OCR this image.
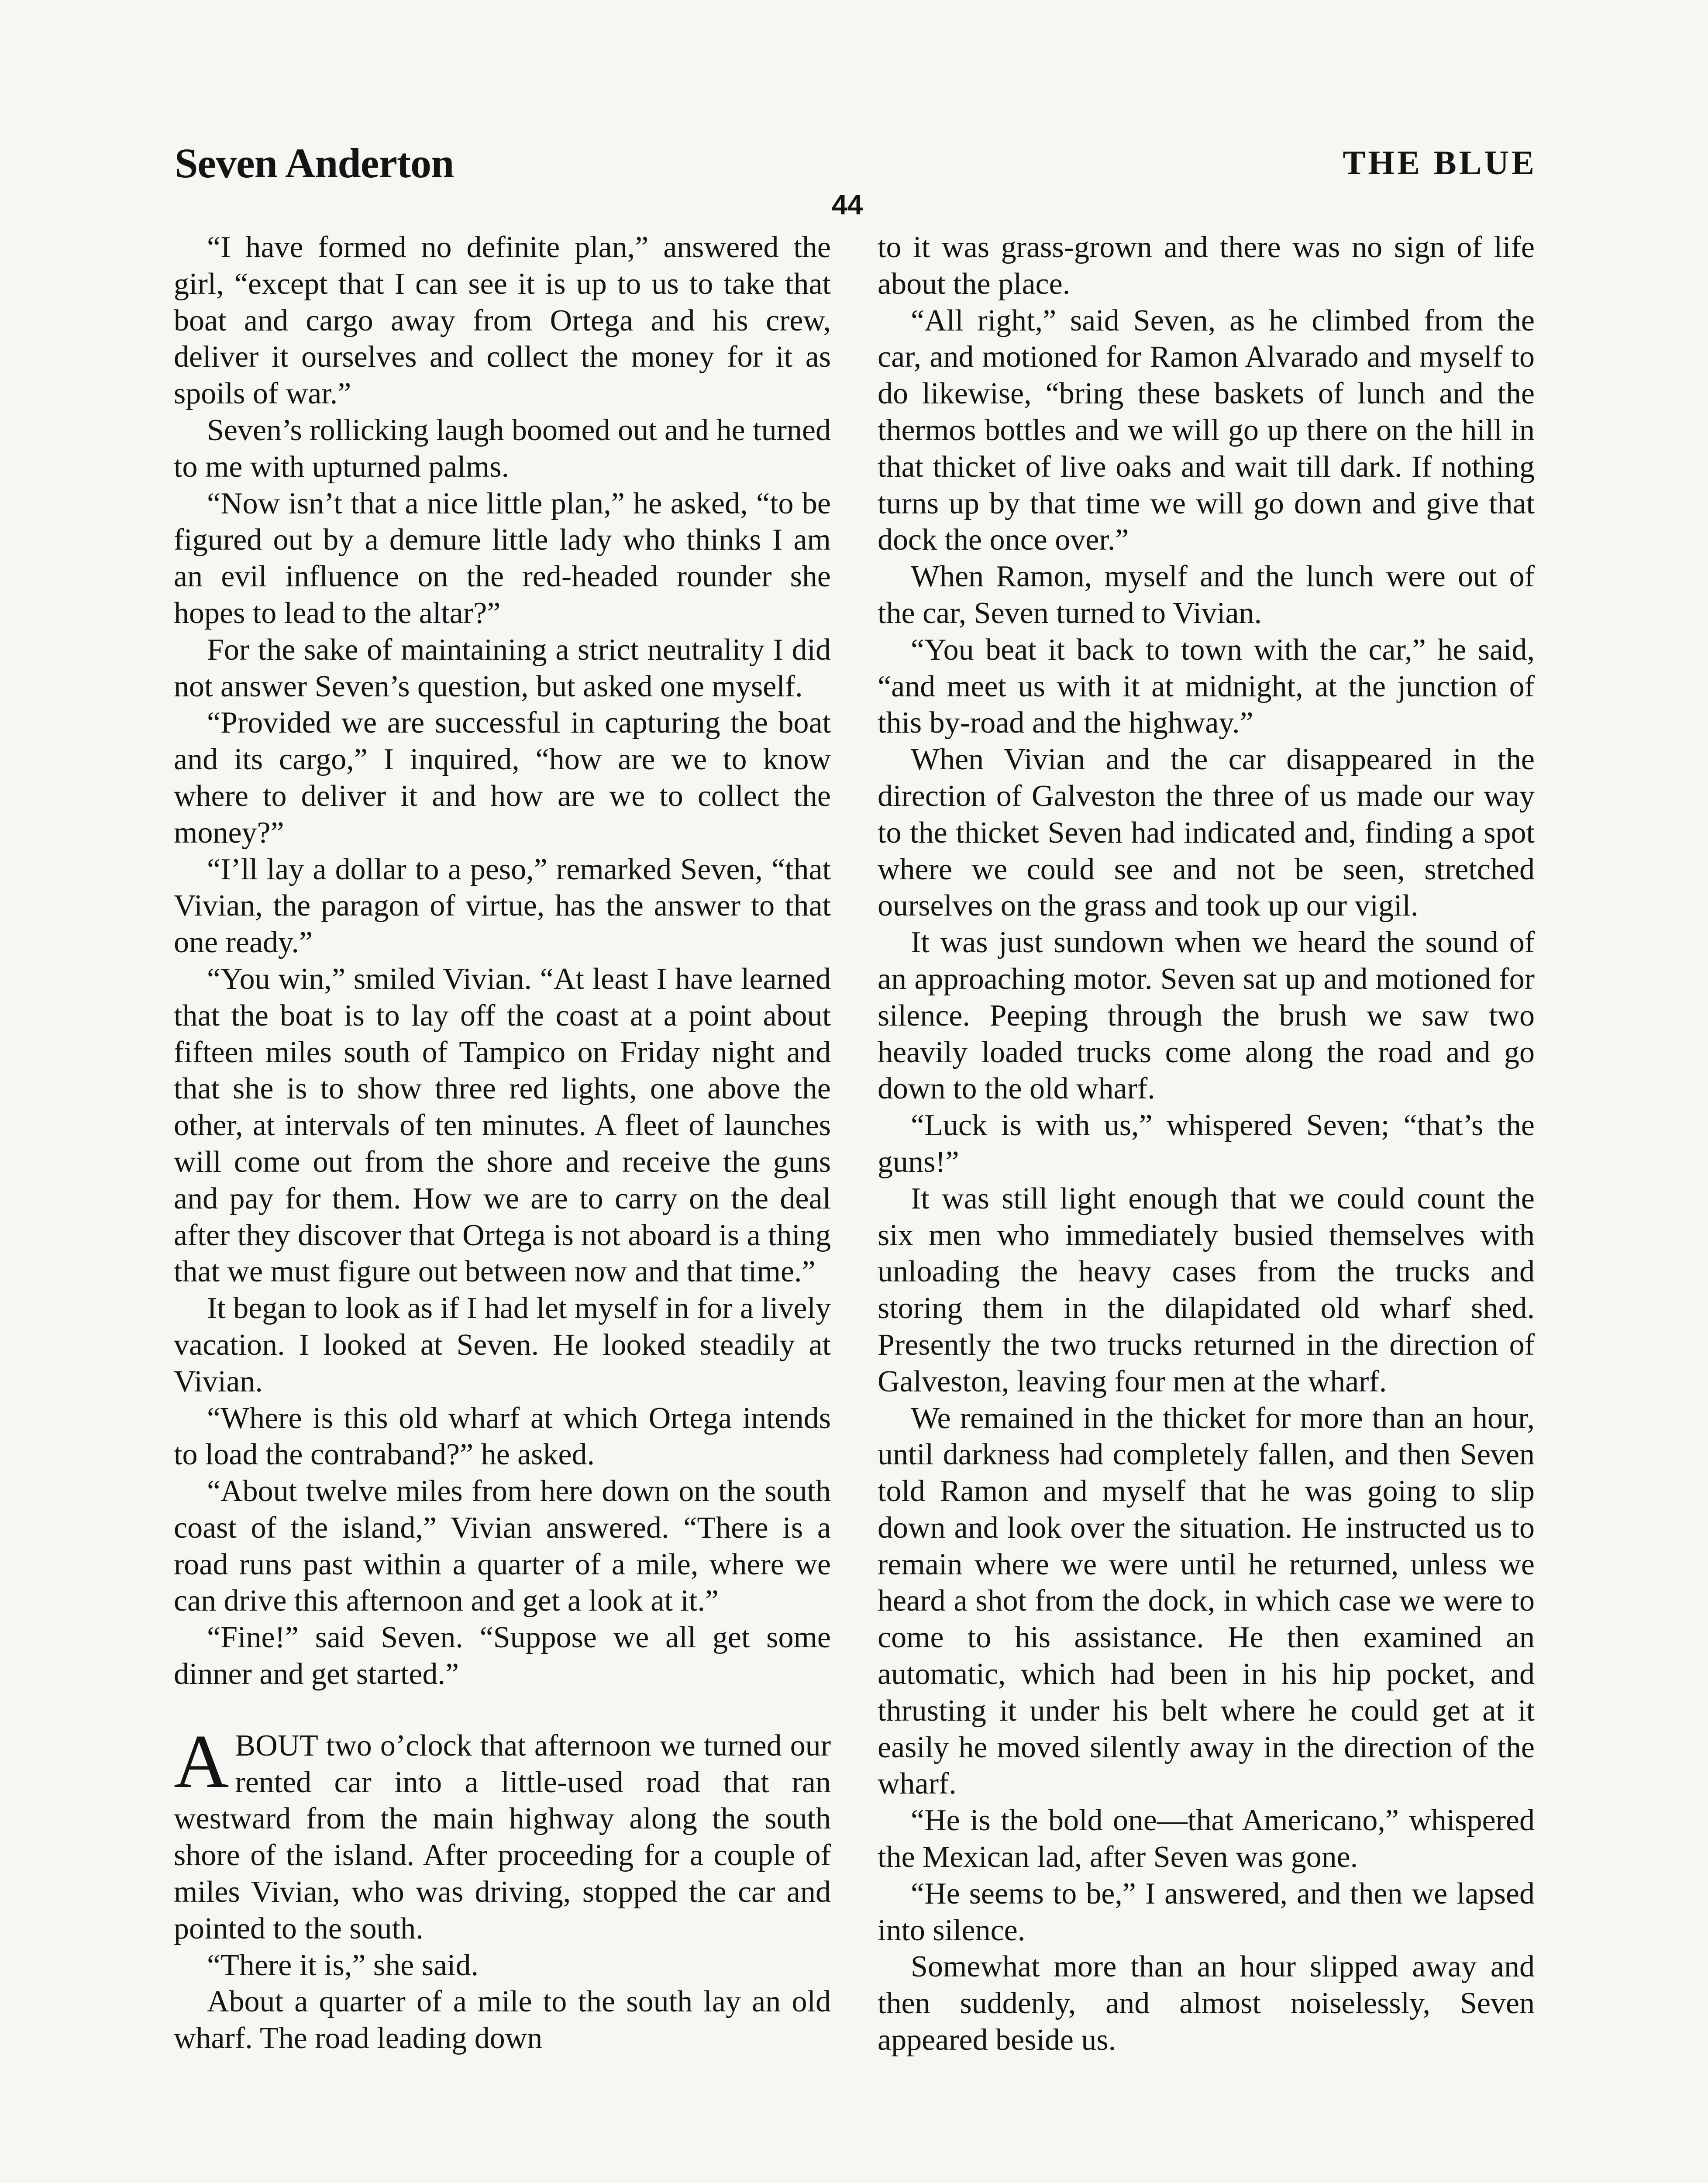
Seven Anderton	THE BLUE
44

“I have formed no definite plan,” answered the girl, “except that I can see it is up to us to take that boat and cargo away from Ortega and his crew, deliver it ourselves and collect the money for it as spoils of war.”

Seven’s rollicking laugh boomed out and he turned to me with upturned palms.

“Now isn’t that a nice little plan,” he asked, “to be figured out by a demure little lady who thinks I am an evil influence on the red-headed rounder she hopes to lead to the altar?”

For the sake of maintaining a strict neutrality I did not answer Seven’s question, but asked one myself.

“Provided we are successful in capturing the boat and its cargo,” I inquired, “how are we to know where to deliver it and how are we to collect the money?”

“I’ll lay a dollar to a peso,” remarked Seven, “that Vivian, the paragon of virtue, has the answer to that one ready.”

“You win,” smiled Vivian. “At least I have learned that the boat is to lay off the coast at a point about fifteen miles south of Tampico on Friday night and that she is to show three red lights, one above the other, at intervals of ten minutes. A fleet of launches will come out from the shore and receive the guns and pay for them. How we are to carry on the deal after they discover that Ortega is not aboard is a thing that we must figure out between now and that time.”

It began to look as if I had let myself in for a lively vacation. I looked at Seven. He looked steadily at Vivian.

“Where is this old wharf at which Ortega intends to load the contraband?” he asked.

“About twelve miles from here down on the south coast of the island,” Vivian answered. “There is a road runs past within a quarter of a mile, where we can drive this afternoon and get a look at it.”

“Fine!” said Seven. “Suppose we all get some dinner and get started.”

ABOUT two o’clock that afternoon we turned our rented car into a little-used road that ran westward from the main highway along the south shore of the island. After proceeding for a couple of miles Vivian, who was driving, stopped the car and pointed to the south.

“There it is,” she said.

About a quarter of a mile to the south lay an old wharf. The road leading down

to it was grass-grown and there was no sign of life about the place.

“All right,” said Seven, as he climbed from the car, and motioned for Ramon Alvarado and myself to do likewise, “bring these baskets of lunch and the thermos bottles and we will go up there on the hill in that thicket of live oaks and wait till dark. If nothing turns up by that time we will go down and give that dock the once over.”

When Ramon, myself and the lunch were out of the car, Seven turned to Vivian.

“You beat it back to town with the car,” he said, “and meet us with it at midnight, at the junction of this by-road and the highway.”

When Vivian and the car disappeared in the direction of Galveston the three of us made our way to the thicket Seven had indicated and, finding a spot where we could see and not be seen, stretched ourselves on the grass and took up our vigil.

It was just sundown when we heard the sound of an approaching motor. Seven sat up and motioned for silence. Peeping through the brush we saw two heavily loaded trucks come along the road and go down to the old wharf.

“Luck is with us,” whispered Seven; “that’s the guns!”

It was still light enough that we could count the six men who immediately busied themselves with unloading the heavy cases from the trucks and storing them in the dilapidated old wharf shed. Presently the two trucks returned in the direction of Galveston, leaving four men at the wharf.

We remained in the thicket for more than an hour, until darkness had completely fallen, and then Seven told Ramon and myself that he was going to slip down and look over the situation. He instructed us to remain where we were until he returned, unless we heard a shot from the dock, in which case we were to come to his assistance. He then examined an automatic, which had been in his hip pocket, and thrusting it under his belt where he could get at it easily he moved silently away in the direction of the wharf.

“He is the bold one—that Americano,” whispered the Mexican lad, after Seven was gone.

“He seems to be,” I answered, and then we lapsed into silence.

Somewhat more than an hour slipped away and then suddenly, and almost noiselessly, Seven appeared beside us.
